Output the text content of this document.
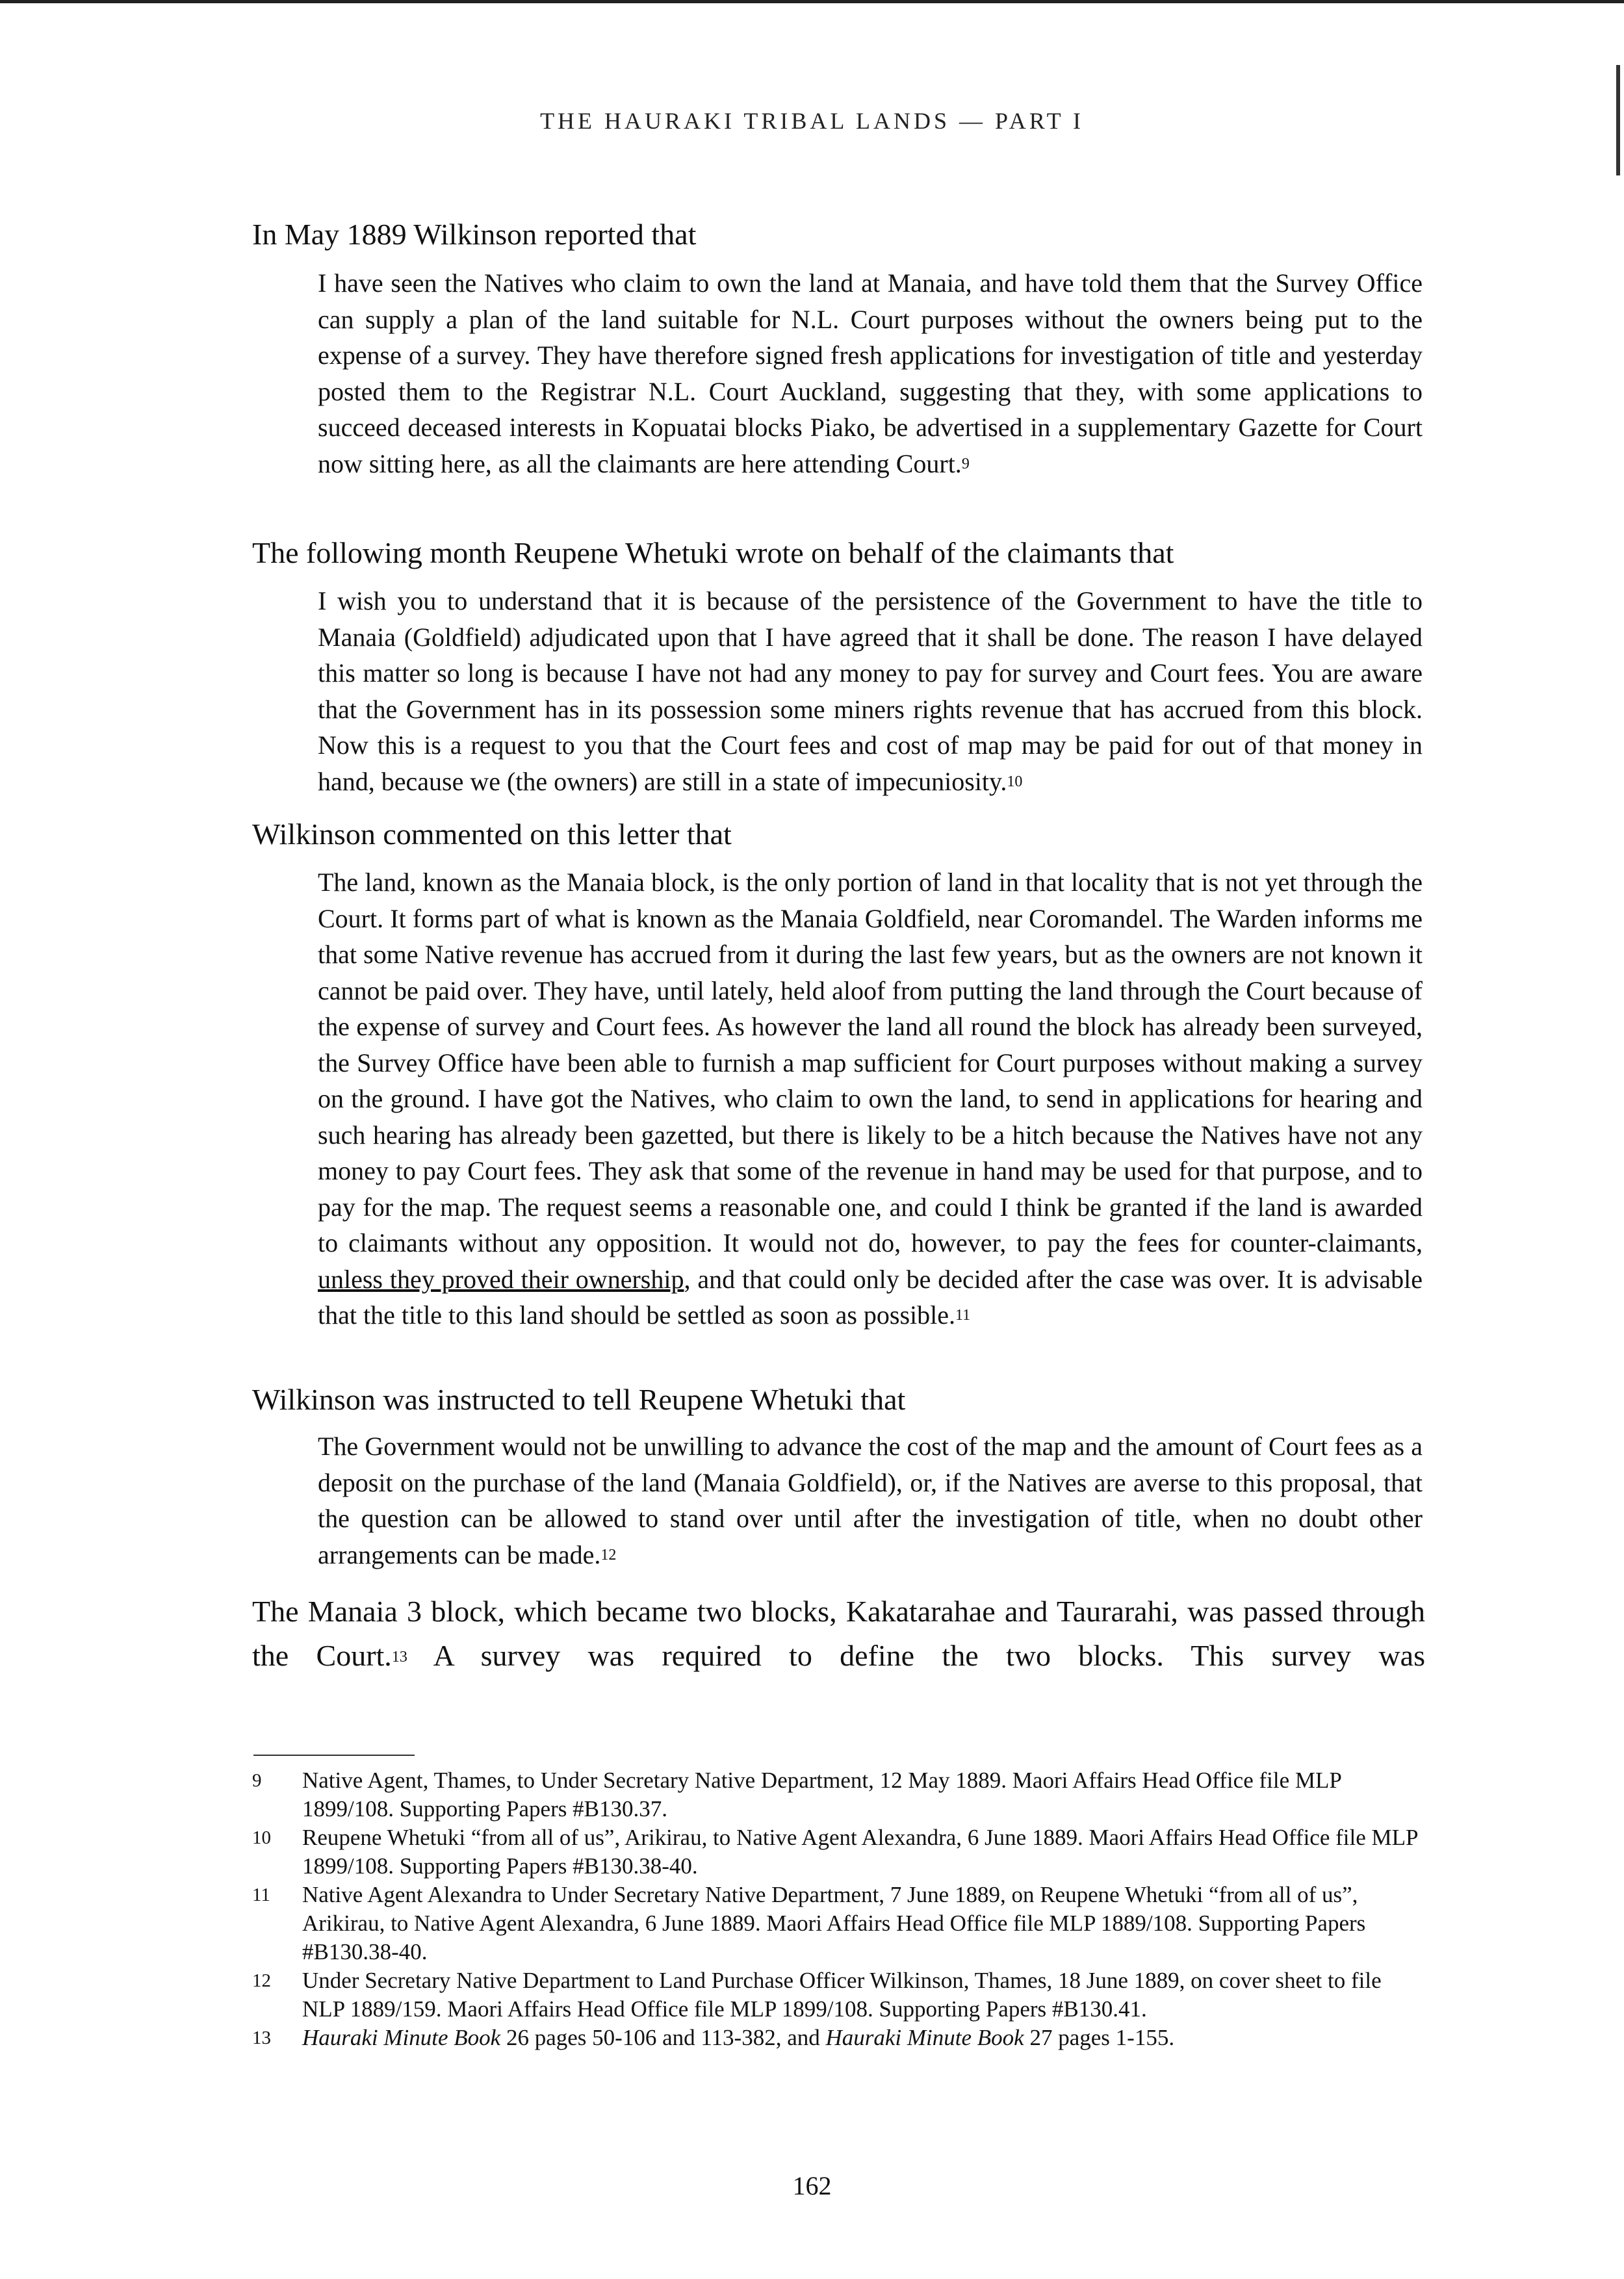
THE HAURAKI TRIBAL LANDS — PART I

In May 1889 Wilkinson reported that

I have seen the Natives who claim to own the land at Manaia, and have told them that the Survey Office can supply a plan of the land suitable for N.L. Court purposes without the owners being put to the expense of a survey. They have therefore signed fresh applications for investigation of title and yesterday posted them to the Registrar N.L. Court Auckland, suggesting that they, with some applications to succeed deceased interests in Kopuatai blocks Piako, be advertised in a supplementary Gazette for Court now sitting here, as all the claimants are here attending Court.$^9$

The following month Reupene Whetuki wrote on behalf of the claimants that

I wish you to understand that it is because of the persistence of the Government to have the title to Manaia (Goldfield) adjudicated upon that I have agreed that it shall be done. The reason I have delayed this matter so long is because I have not had any money to pay for survey and Court fees. You are aware that the Government has in its possession some miners rights revenue that has accrued from this block. Now this is a request to you that the Court fees and cost of map may be paid for out of that money in hand, because we (the owners) are still in a state of impecuniosity.$^{10}$

Wilkinson commented on this letter that

The land, known as the Manaia block, is the only portion of land in that locality that is not yet through the Court. It forms part of what is known as the Manaia Goldfield, near Coromandel. The Warden informs me that some Native revenue has accrued from it during the last few years, but as the owners are not known it cannot be paid over. They have, until lately, held aloof from putting the land through the Court because of the expense of survey and Court fees. As however the land all round the block has already been surveyed, the Survey Office have been able to furnish a map sufficient for Court purposes without making a survey on the ground. I have got the Natives, who claim to own the land, to send in applications for hearing and such hearing has already been gazetted, but there is likely to be a hitch because the Natives have not any money to pay Court fees. They ask that some of the revenue in hand may be used for that purpose, and to pay for the map. The request seems a reasonable one, and could I think be granted if the land is awarded to claimants without any opposition. It would not do, however, to pay the fees for counter-claimants, unless they proved their ownership, and that could only be decided after the case was over. It is advisable that the title to this land should be settled as soon as possible.$^{11}$

Wilkinson was instructed to tell Reupene Whetuki that

The Government would not be unwilling to advance the cost of the map and the amount of Court fees as a deposit on the purchase of the land (Manaia Goldfield), or, if the Natives are averse to this proposal, that the question can be allowed to stand over until after the investigation of title, when no doubt other arrangements can be made.$^{12}$

The Manaia 3 block, which became two blocks, Kakatarahae and Taurarahi, was passed through the Court.$^{13}$ A survey was required to define the two blocks. This survey was

9 Native Agent, Thames, to Under Secretary Native Department, 12 May 1889. Maori Affairs Head Office file MLP 1899/108. Supporting Papers #B130.37.

10 Reupene Whetuki “from all of us”, Arikirau, to Native Agent Alexandra, 6 June 1889. Maori Affairs Head Office file MLP 1899/108. Supporting Papers #B130.38-40.

11 Native Agent Alexandra to Under Secretary Native Department, 7 June 1889, on Reupene Whetuki “from all of us”, Arikirau, to Native Agent Alexandra, 6 June 1889. Maori Affairs Head Office file MLP 1889/108. Supporting Papers #B130.38-40.

12 Under Secretary Native Department to Land Purchase Officer Wilkinson, Thames, 18 June 1889, on cover sheet to file NLP 1889/159. Maori Affairs Head Office file MLP 1899/108. Supporting Papers #B130.41.

13 Hauraki Minute Book 26 pages 50-106 and 113-382, and Hauraki Minute Book 27 pages 1-155.

162
